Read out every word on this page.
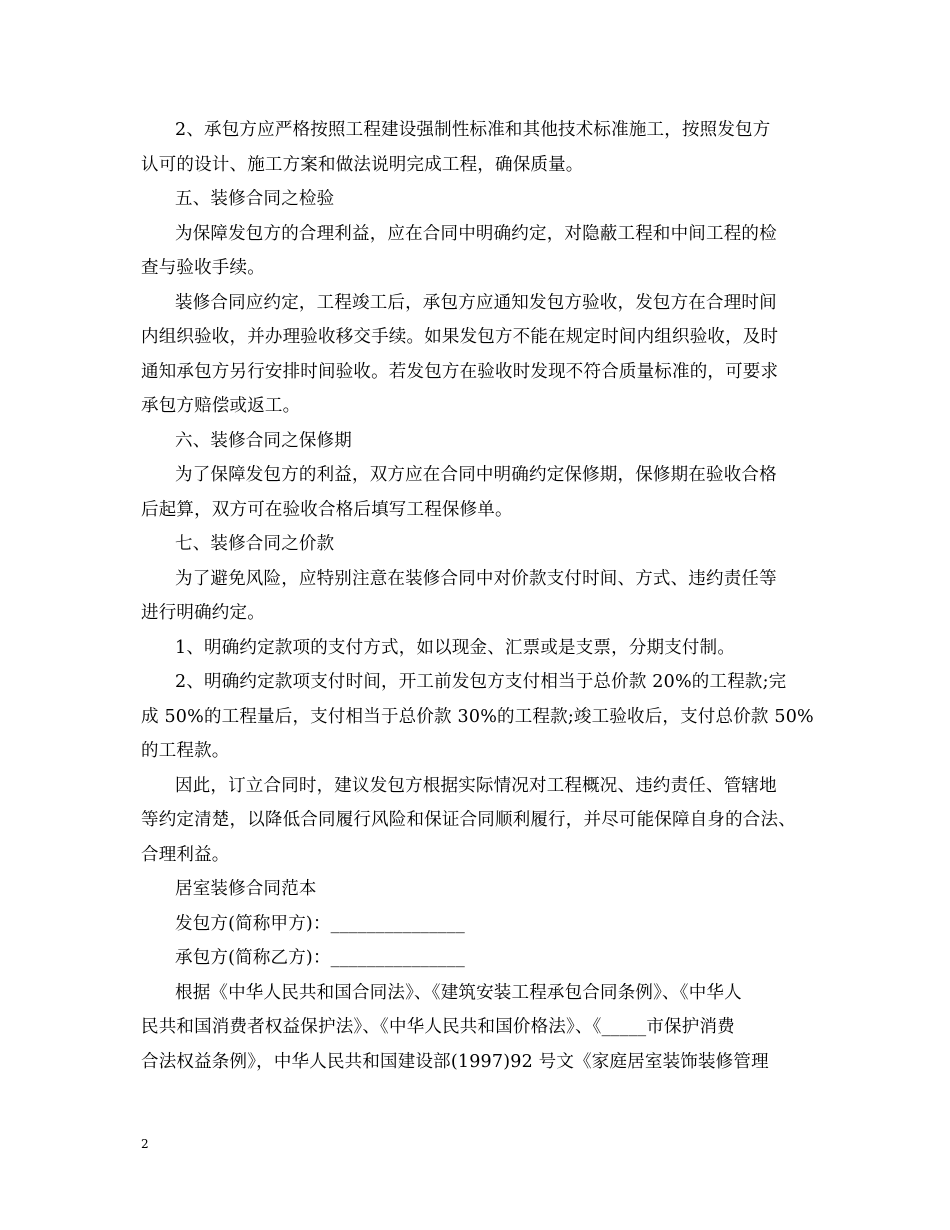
2、承包方应严格按照工程建设强制性标准和其他技术标准施工，按照发包方
认可的设计、施工方案和做法说明完成工程，确保质量。
五、装修合同之检验
为保障发包方的合理利益，应在合同中明确约定，对隐蔽工程和中间工程的检
查与验收手续。
装修合同应约定，工程竣工后，承包方应通知发包方验收，发包方在合理时间
内组织验收，并办理验收移交手续。如果发包方不能在规定时间内组织验收，及时
通知承包方另行安排时间验收。若发包方在验收时发现不符合质量标准的，可要求
承包方赔偿或返工。
六、装修合同之保修期
为了保障发包方的利益，双方应在合同中明确约定保修期，保修期在验收合格
后起算，双方可在验收合格后填写工程保修单。
七、装修合同之价款
为了避免风险，应特别注意在装修合同中对价款支付时间、方式、违约责任等
进行明确约定。
1、明确约定款项的支付方式，如以现金、汇票或是支票，分期支付制。
2、明确约定款项支付时间，开工前发包方支付相当于总价款 20%的工程款;完
成 50%的工程量后，支付相当于总价款 30%的工程款;竣工验收后，支付总价款 50%
的工程款。
因此，订立合同时，建议发包方根据实际情况对工程概况、违约责任、管辖地
等约定清楚，以降低合同履行风险和保证合同顺利履行，并尽可能保障自身的合法、
合理利益。
居室装修合同范本
发包方(简称甲方)：_______________
承包方(简称乙方)：_______________
根据《中华人民共和国合同法》、《建筑安装工程承包合同条例》、《中华人
民共和国消费者权益保护法》、《中华人民共和国价格法》、《_____市保护消费
合法权益条例》，中华人民共和国建设部(1997)92 号文《家庭居室装饰装修管理
2
